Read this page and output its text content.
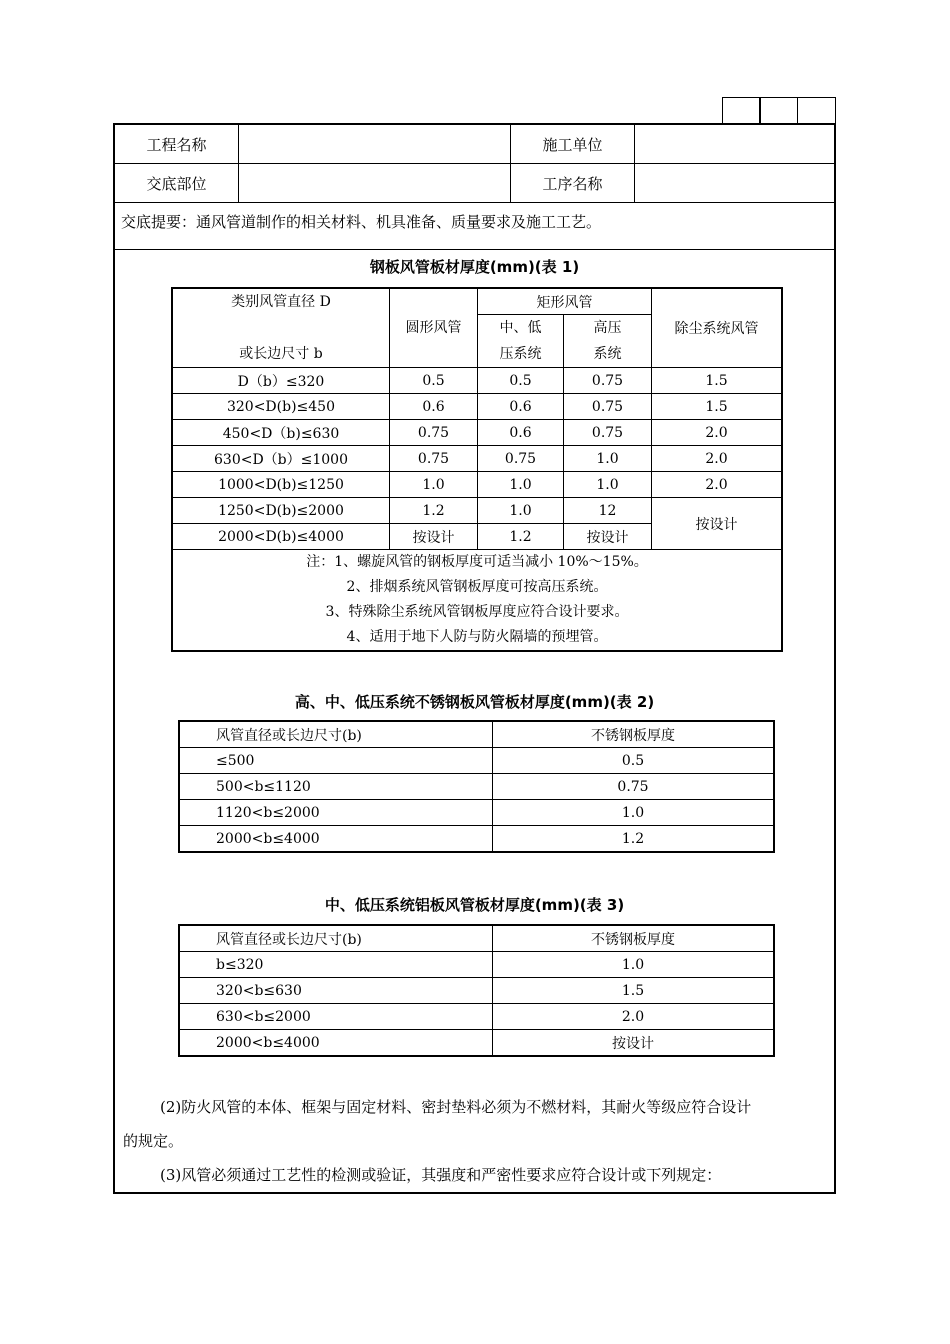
工程名称		施工单位	
交底部位		工序名称	
交底提要：通风管道制作的相关材料、机具准备、质量要求及施工工艺。
钢板风管板材厚度(mm)(表 1)
类别风管直径 D
或长边尺寸 b	圆形风管	矩形风管		除尘系统风管

		中、低压系统	高压系统	

D（b）≤320	0.5	0.5	0.75	1.5
320<D(b)≤450	0.6	0.6	0.75	1.5
450<D（b)≤630	0.75	0.6	0.75	2.0
630<D（b）≤1000	0.75	0.75	1.0	2.0
1000<D(b)≤1250	1.0	1.0	1.0	2.0
1250<D(b)≤2000	1.2	1.0	12	按设计
2000<D(b)≤4000	按设计	1.2	按设计	

注：1、螺旋风管的钢板厚度可适当减小 10%～15%。
2、排烟系统风管钢板厚度可按高压系统。
3、特殊除尘系统风管钢板厚度应符合设计要求。
4、适用于地下人防与防火隔墙的预埋管。				
高、中、低压系统不锈钢板风管板材厚度(mm)(表 2)
风管直径或长边尺寸(b)	不锈钢板厚度
≤500	0.5
500<b≤1120	0.75
1120<b≤2000	1.0
2000<b≤4000	1.2
中、低压系统铝板风管板材厚度(mm)(表 3)
风管直径或长边尺寸(b)	不锈钢板厚度
b≤320	1.0
320<b≤630	1.5
630<b≤2000	2.0
2000<b≤4000	按设计
(2)防火风管的本体、框架与固定材料、密封垫料必须为不燃材料，其耐火等级应符合设计
的规定。
(3)风管必须通过工艺性的检测或验证，其强度和严密性要求应符合设计或下列规定：
